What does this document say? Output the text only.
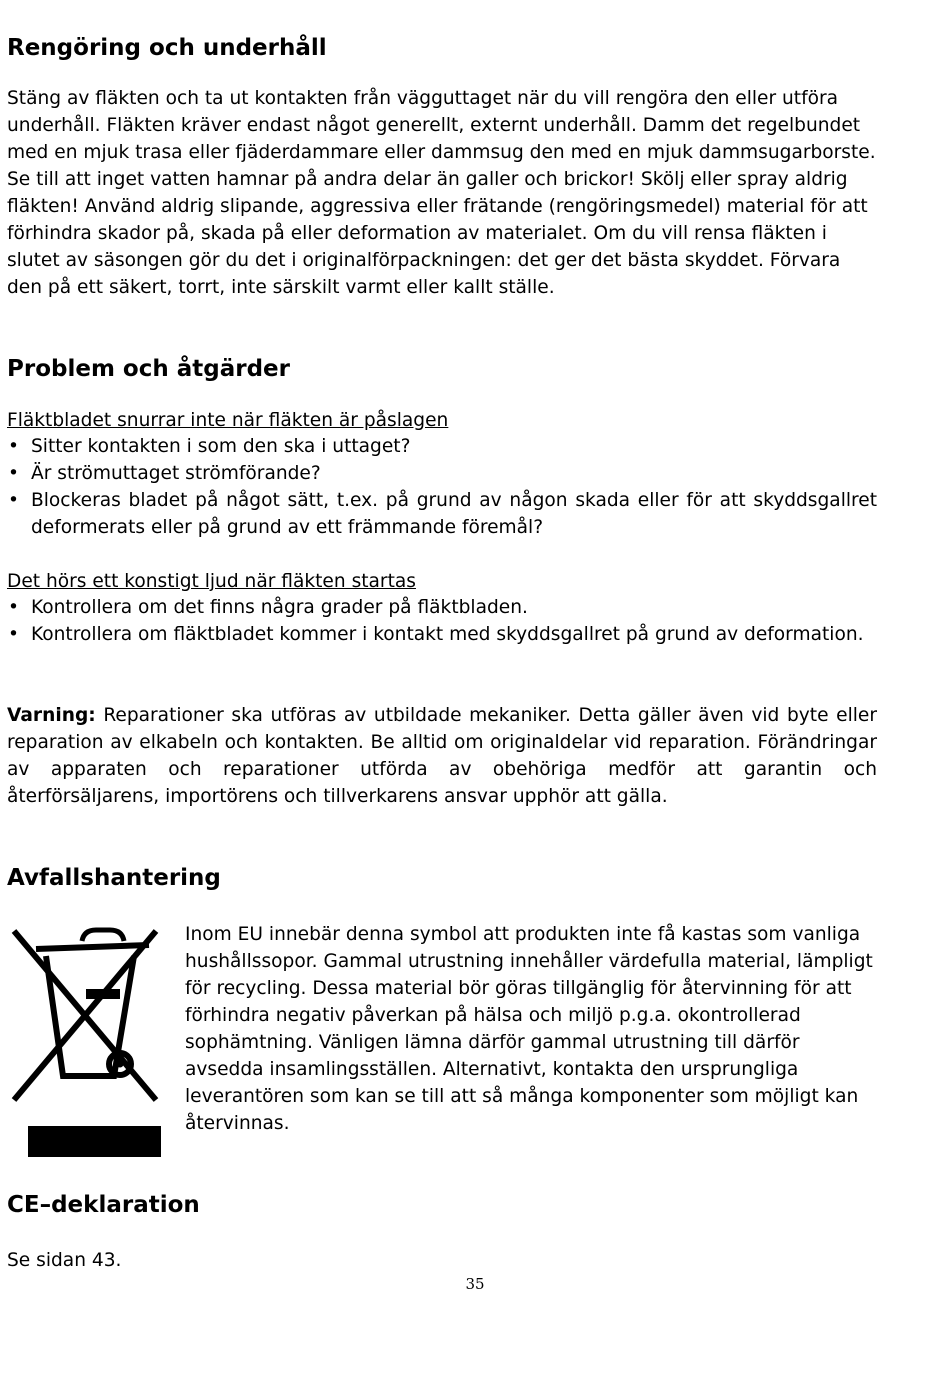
Rengöring och underhåll

Stäng av fläkten och ta ut kontakten från vägguttaget när du vill rengöra den eller utföra underhåll. Fläkten kräver endast något generellt, externt underhåll. Damm det regelbundet med en mjuk trasa eller fjäderdammare eller dammsug den med en mjuk dammsugarborste. Se till att inget vatten hamnar på andra delar än galler och brickor! Skölj eller spray aldrig fläkten! Använd aldrig slipande, aggressiva eller frätande (rengöringsmedel) material för att förhindra skador på, skada på eller deformation av materialet. Om du vill rensa fläkten i slutet av säsongen gör du det i originalförpackningen: det ger det bästa skyddet. Förvara den på ett säkert, torrt, inte särskilt varmt eller kallt ställe.

Problem och åtgärder
Fläktbladet snurrar inte när fläkten är påslagen
• Sitter kontakten i som den ska i uttaget?
• Är strömuttaget strömförande?
• Blockeras bladet på något sätt, t.ex. på grund av någon skada eller för att skyddsgallret deformerats eller på grund av ett främmande föremål?
Det hörs ett konstigt ljud när fläkten startas
• Kontrollera om det finns några grader på fläktbladen.
• Kontrollera om fläktbladet kommer i kontakt med skyddsgallret på grund av deformation.

Varning: Reparationer ska utföras av utbildade mekaniker. Detta gäller även vid byte eller reparation av elkabeln och kontakten. Be alltid om originaldelar vid reparation. Förändringar av apparaten och reparationer utförda av obehöriga medför att garantin och återförsäljarens, importörens och tillverkarens ansvar upphör att gälla.

Avfallshantering
CE–deklaration

Se sidan 43.

Inom EU innebär denna symbol att produkten inte få kastas som vanliga hushållssopor. Gammal utrustning innehåller värdefulla material, lämpligt för recycling. Dessa material bör göras tillgänglig för återvinning för att förhindra negativ påverkan på hälsa och miljö p.g.a. okontrollerad sophämtning. Vänligen lämna därför gammal utrustning till därför avsedda insamlingsställen. Alternativt, kontakta den ursprungliga leverantören som kan se till att så många komponenter som möjligt kan återvinnas.

35
